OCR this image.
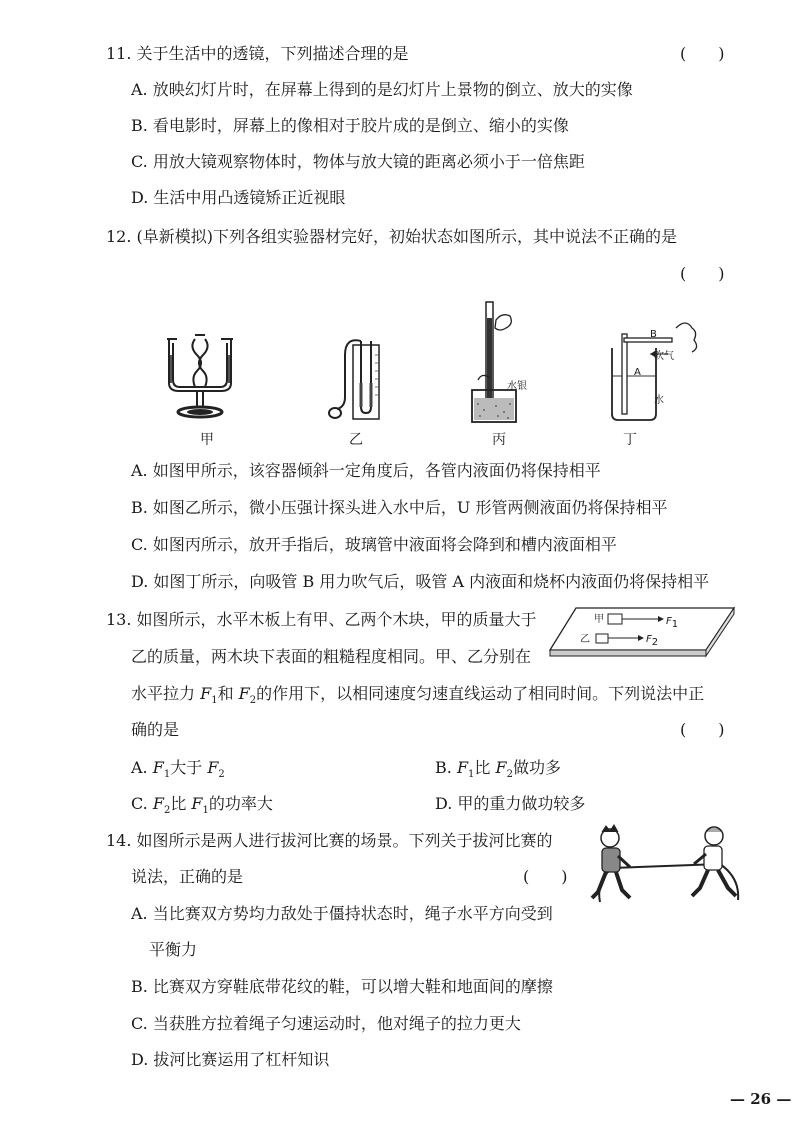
11. 关于生活中的透镜，下列描述合理的是	(　　)
A. 放映幻灯片时，在屏幕上得到的是幻灯片上景物的倒立、放大的实像
B. 看电影时，屏幕上的像相对于胶片成的是倒立、缩小的实像
C. 用放大镜观察物体时，物体与放大镜的距离必须小于一倍焦距
D. 生活中用凸透镜矫正近视眼
12. (阜新模拟)下列各组实验器材完好，初始状态如图所示，其中说法不正确的是
(　　)
甲	乙
水银
丙
B
A
吹气
水
丁
A. 如图甲所示，该容器倾斜一定角度后，各管内液面仍将保持相平
B. 如图乙所示，微小压强计探头进入水中后，U 形管两侧液面仍将保持相平
C. 如图丙所示，放开手指后，玻璃管中液面将会降到和槽内液面相平
D. 如图丁所示，向吸管 B 用力吹气后，吸管 A 内液面和烧杯内液面仍将保持相平
13. 如图所示，水平木板上有甲、乙两个木块，甲的质量大于
乙的质量，两木块下表面的粗糙程度相同。甲、乙分别在
水平拉力 $F_1$和 $F_2$的作用下，以相同速度匀速直线运动了相同时间。下列说法中正
确的是	(　　)
甲	$F_1$
乙	$F_2$
A. $F_1$大于 $F_2$	B. $F_1$比 $F_2$做功多
C. $F_2$比 $F_1$的功率大	D. 甲的重力做功较多
14. 如图所示是两人进行拔河比赛的场景。下列关于拔河比赛的
说法，正确的是	(　　)
A. 当比赛双方势均力敌处于僵持状态时，绳子水平方向受到
平衡力
B. 比赛双方穿鞋底带花纹的鞋，可以增大鞋和地面间的摩擦
C. 当获胜方拉着绳子匀速运动时，他对绳子的拉力更大
D. 拔河比赛运用了杠杆知识
— 26 —
